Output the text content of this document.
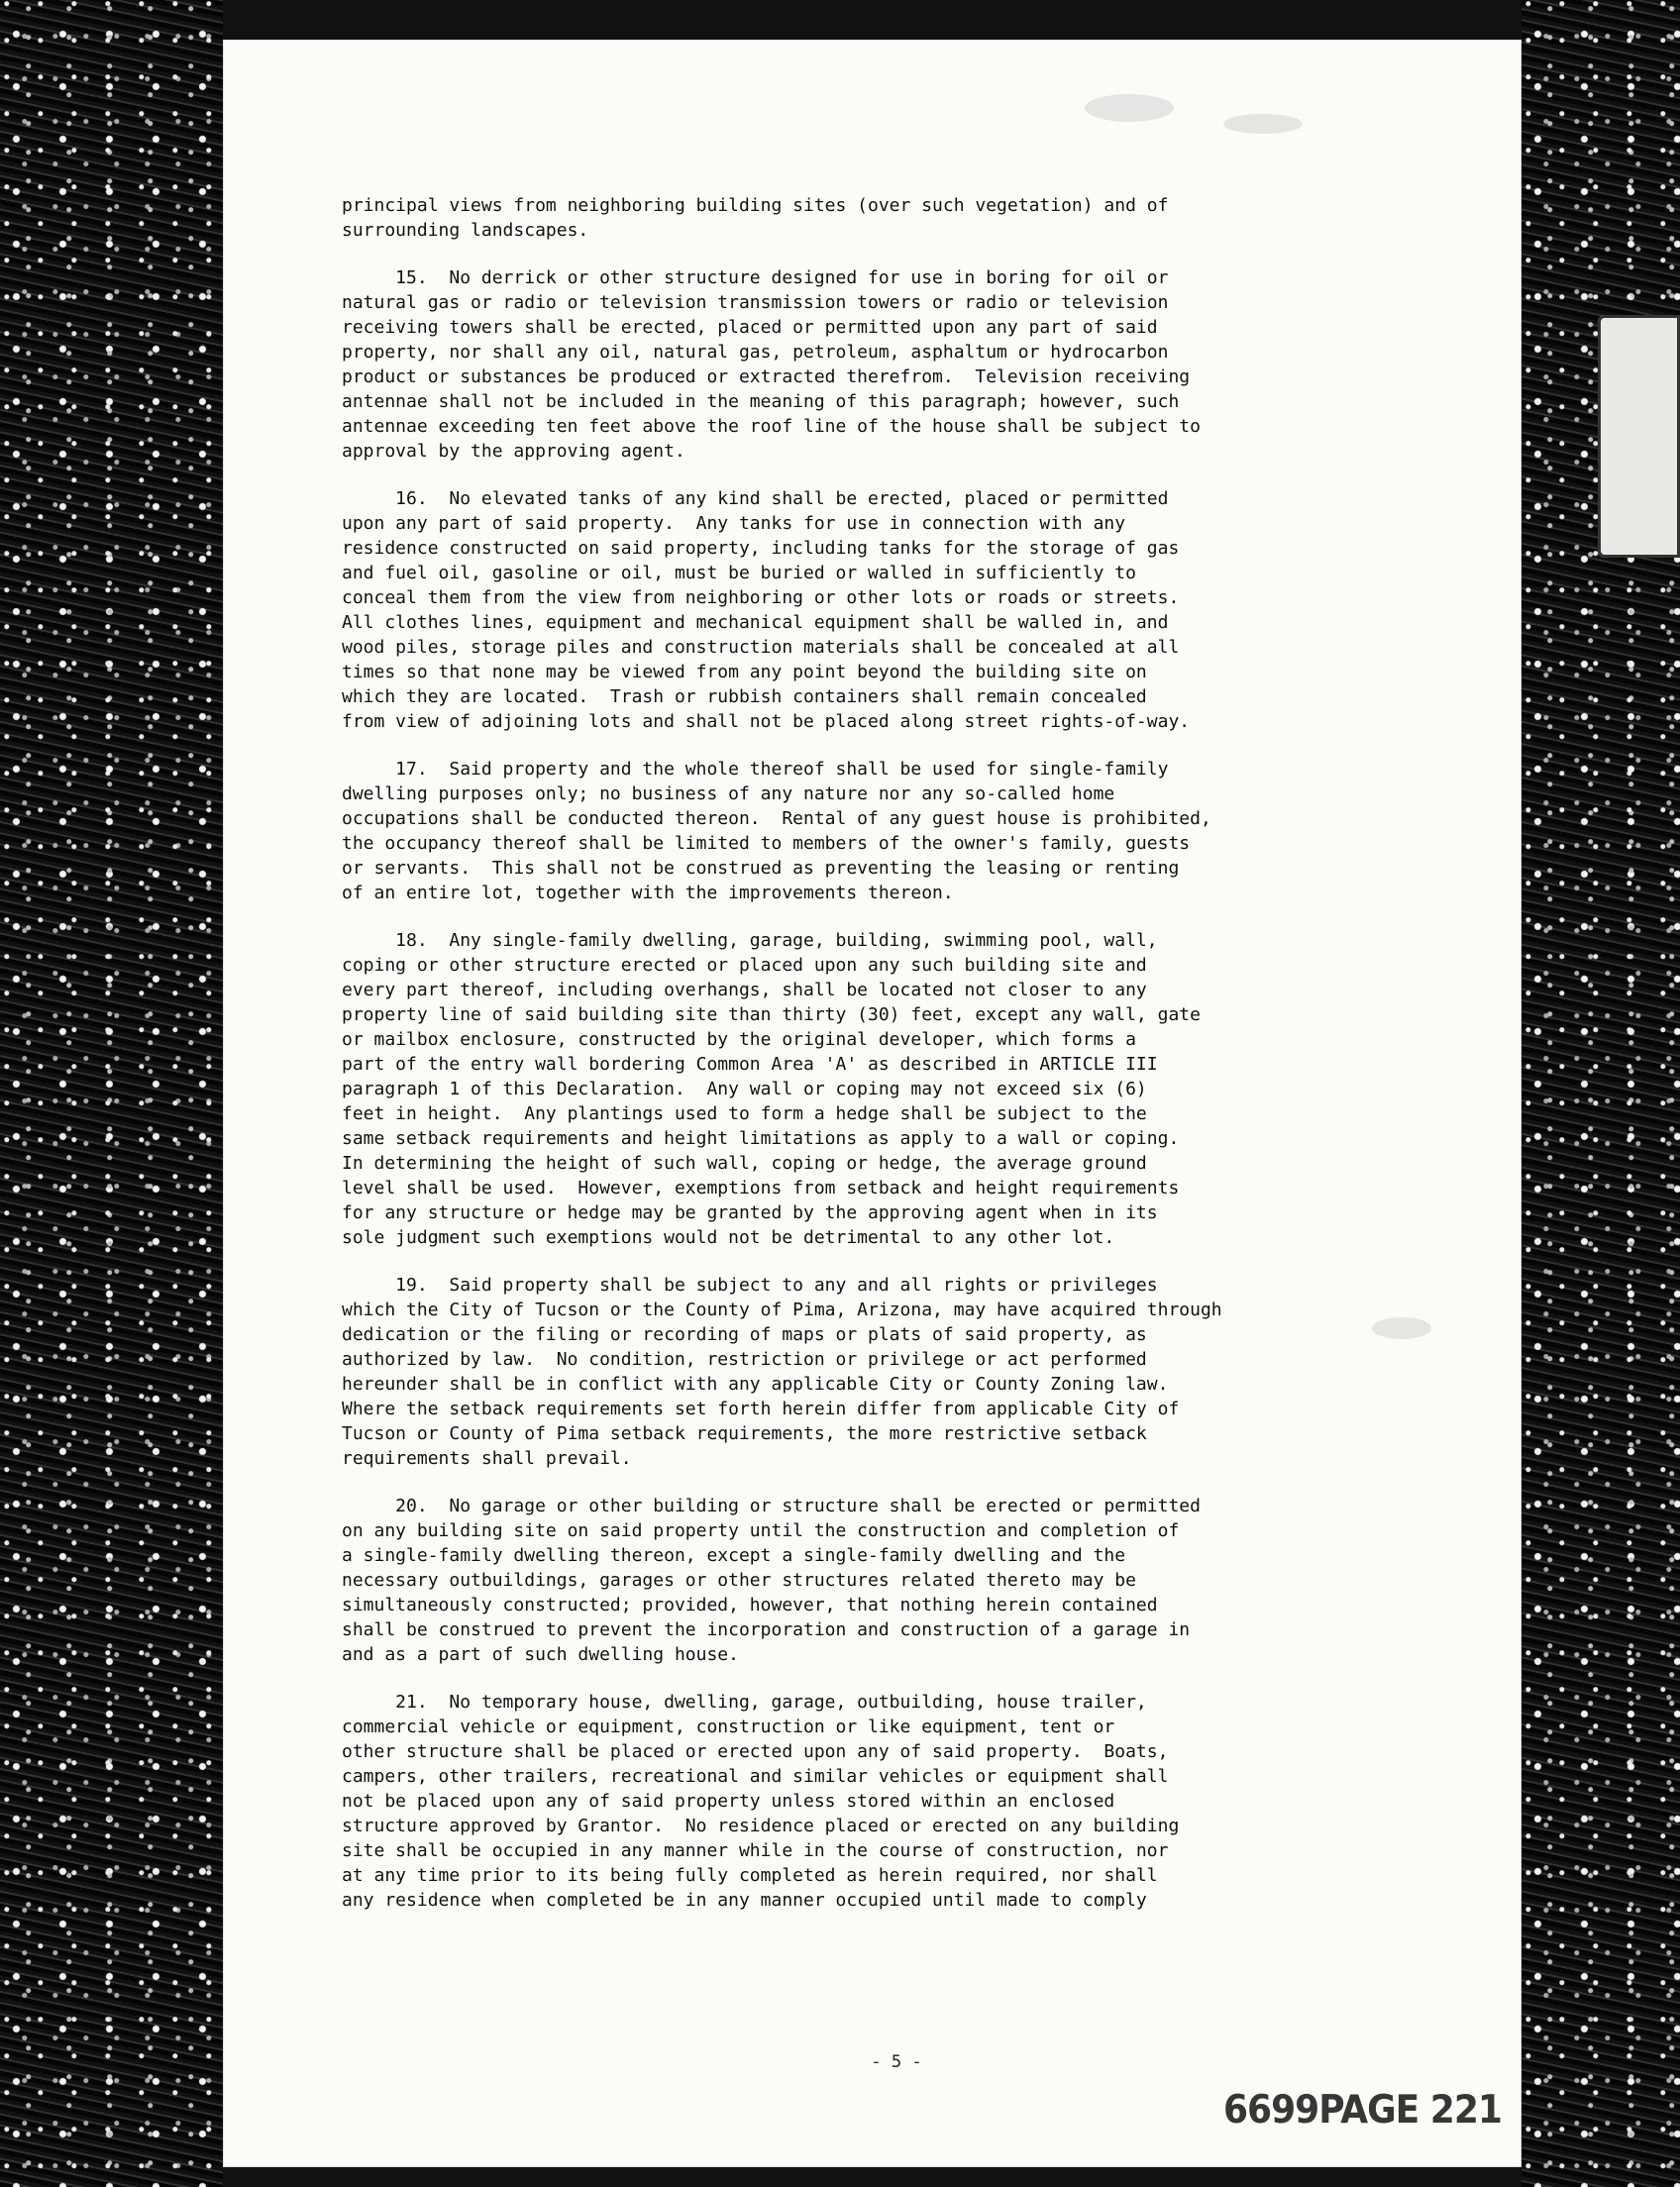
principal views from neighboring building sites (over such vegetation) and of
surrounding landscapes.

15.  No derrick or other structure designed for use in boring for oil or
natural gas or radio or television transmission towers or radio or television
receiving towers shall be erected, placed or permitted upon any part of said
property, nor shall any oil, natural gas, petroleum, asphaltum or hydrocarbon
product or substances be produced or extracted therefrom.  Television receiving
antennae shall not be included in the meaning of this paragraph; however, such
antennae exceeding ten feet above the roof line of the house shall be subject to
approval by the approving agent.

16.  No elevated tanks of any kind shall be erected, placed or permitted
upon any part of said property.  Any tanks for use in connection with any
residence constructed on said property, including tanks for the storage of gas
and fuel oil, gasoline or oil, must be buried or walled in sufficiently to
conceal them from the view from neighboring or other lots or roads or streets.
All clothes lines, equipment and mechanical equipment shall be walled in, and
wood piles, storage piles and construction materials shall be concealed at all
times so that none may be viewed from any point beyond the building site on
which they are located.  Trash or rubbish containers shall remain concealed
from view of adjoining lots and shall not be placed along street rights-of-way.

17.  Said property and the whole thereof shall be used for single-family
dwelling purposes only; no business of any nature nor any so-called home
occupations shall be conducted thereon.  Rental of any guest house is prohibited,
the occupancy thereof shall be limited to members of the owner's family, guests
or servants.  This shall not be construed as preventing the leasing or renting
of an entire lot, together with the improvements thereon.

18.  Any single-family dwelling, garage, building, swimming pool, wall,
coping or other structure erected or placed upon any such building site and
every part thereof, including overhangs, shall be located not closer to any
property line of said building site than thirty (30) feet, except any wall, gate
or mailbox enclosure, constructed by the original developer, which forms a
part of the entry wall bordering Common Area 'A' as described in ARTICLE III
paragraph 1 of this Declaration.  Any wall or coping may not exceed six (6)
feet in height.  Any plantings used to form a hedge shall be subject to the
same setback requirements and height limitations as apply to a wall or coping.
In determining the height of such wall, coping or hedge, the average ground
level shall be used.  However, exemptions from setback and height requirements
for any structure or hedge may be granted by the approving agent when in its
sole judgment such exemptions would not be detrimental to any other lot.

19.  Said property shall be subject to any and all rights or privileges
which the City of Tucson or the County of Pima, Arizona, may have acquired through
dedication or the filing or recording of maps or plats of said property, as
authorized by law.  No condition, restriction or privilege or act performed
hereunder shall be in conflict with any applicable City or County Zoning law.
Where the setback requirements set forth herein differ from applicable City of
Tucson or County of Pima setback requirements, the more restrictive setback
requirements shall prevail.

20.  No garage or other building or structure shall be erected or permitted
on any building site on said property until the construction and completion of
a single-family dwelling thereon, except a single-family dwelling and the
necessary outbuildings, garages or other structures related thereto may be
simultaneously constructed; provided, however, that nothing herein contained
shall be construed to prevent the incorporation and construction of a garage in
and as a part of such dwelling house.

21.  No temporary house, dwelling, garage, outbuilding, house trailer,
commercial vehicle or equipment, construction or like equipment, tent or
other structure shall be placed or erected upon any of said property.  Boats,
campers, other trailers, recreational and similar vehicles or equipment shall
not be placed upon any of said property unless stored within an enclosed
structure approved by Grantor.  No residence placed or erected on any building
site shall be occupied in any manner while in the course of construction, nor
at any time prior to its being fully completed as herein required, nor shall
any residence when completed be in any manner occupied until made to comply

- 5 -
6699PAGE 221
